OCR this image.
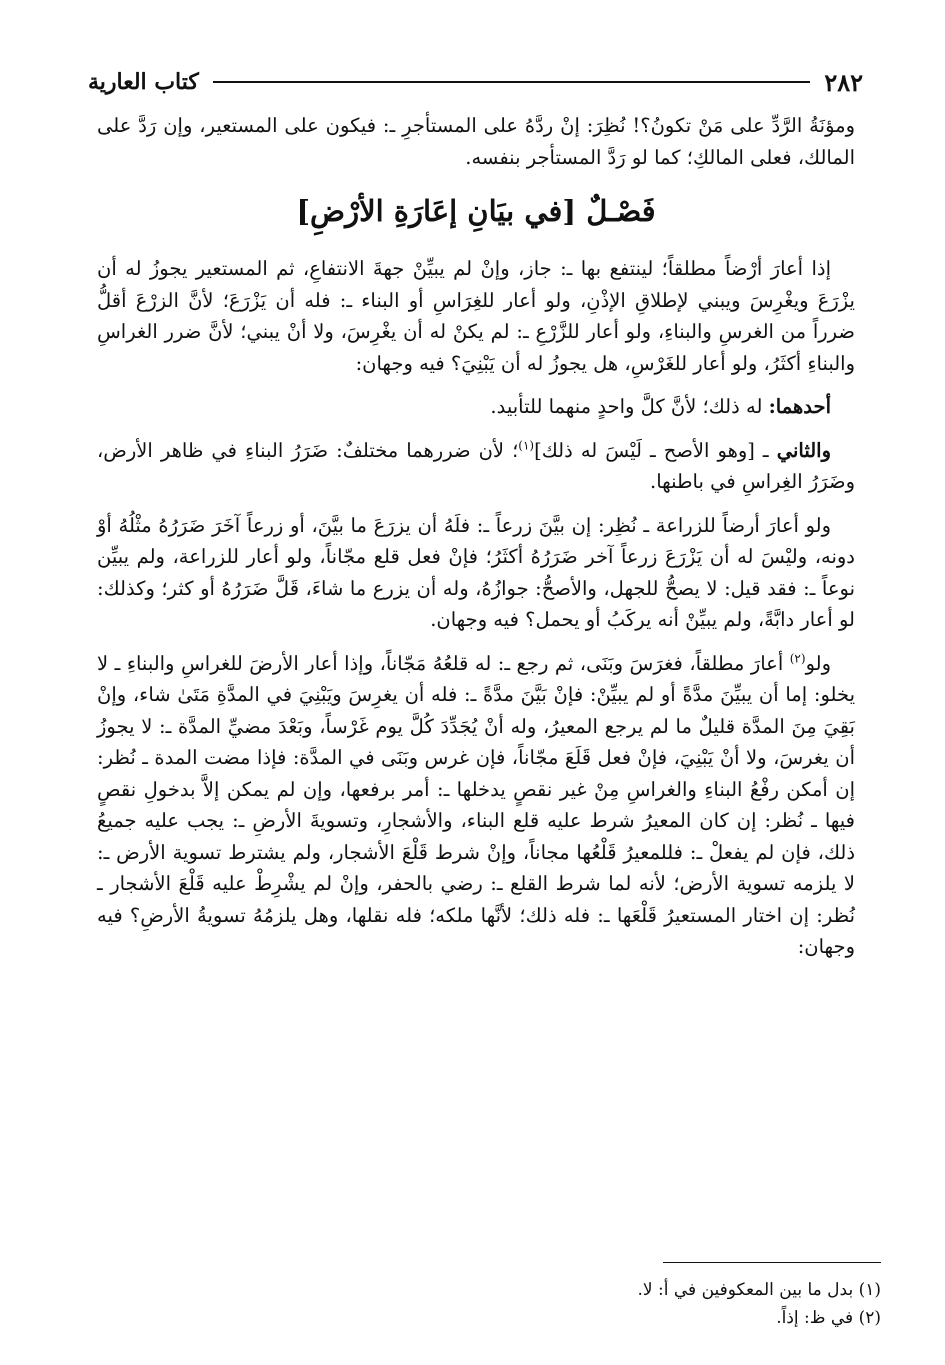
٢٨٢
كتاب العارية

ومؤنَةُ الرَّدِّ على مَنْ تكونُ؟! نُظِرَ: إنْ ردَّهُ على المستأجرِ ـ: فيكون على المستعير، وإن رَدَّ على المالك، فعلى المالكِ؛ كما لو رَدَّ المستأجر بنفسه.

فَصْـلٌ [في بيَانِ إعَارَةِ الأرْضِ]

إذا أعارَ أرْضاً مطلقاً؛ لينتفع بها ـ: جاز، وإنْ لم يبيِّنْ جهةَ الانتفاعِ، ثم المستعير يجوزُ له أن يزْرَعَ ويغْرِسَ ويبني لإطلاقِ الإذْنِ، ولو أعار للغِرَاسِ أو البناء ـ: فله أن يَزْرَعَ؛ لأنَّ الزرْعَ أقلُّ ضرراً من الغرسِ والبناءِ، ولو أعار للزَّرْعِ ـ: لم يكنْ له أن يغْرِسَ، ولا أنْ يبني؛ لأنَّ ضرر الغراسِ والبناءِ أكثَرُ، ولو أعار للغَرْسِ، هل يجوزُ له أن يَبْنِيَ؟ فيه وجهان:

أحدهما: له ذلك؛ لأنَّ كلَّ واحدٍ منهما للتأبيد.

والثاني ـ [وهو الأصح ـ لَيْسَ له ذلك]$^{(١)}$؛ لأن ضررهما مختلفٌ: ضَرَرُ البناءِ في ظاهر الأرض، وضَرَرُ الغِراسِ في باطنها.

ولو أعارَ أرضاً للزراعة ـ نُظِر: إن بيَّنَ زرعاً ـ: فلَهُ أن يزرَعَ ما بيَّنَ، أو زرعاً آخَرَ ضَرَرُهُ مثْلُهُ أوْ دونه، وليْسَ له أن يَزْرَعَ زرعاً آخر ضَرَرُهُ أكثَرُ؛ فإنْ فعل قلع مجّاناً، ولو أعار للزراعة، ولم يبيِّن نوعاً ـ: فقد قيل: لا يصحُّ للجهل، والأصحُّ: جوازُهُ، وله أن يزرع ما شاءَ، قَلَّ ضَرَرُهُ أو كثر؛ وكذلك: لو أعار دابَّةً، ولم يبيِّنْ أنه يركَبُ أو يحمل؟ فيه وجهان.

ولو$^{(٢)}$ أعارَ مطلقاً، فغرَسَ وبَنَى، ثم رجع ـ: له قلعُهُ مَجّاناً، وإذا أعار الأرضَ للغراسِ والبناءِ ـ لا يخلو: إما أن يبيِّنَ مدَّةً أو لم يبيِّنْ: فإنْ بَيَّنَ مدَّةً ـ: فله أن يغرِسَ ويَبْنِيَ في المدَّةِ مَتَىٰ شاء، وإنْ بَقِيَ مِنَ المدَّة قليلٌ ما لم يرجع المعيرُ، وله أنْ يُجَدِّدَ كُلَّ يوم غَرْساً، وبَعْدَ مضيِّ المدَّة ـ: لا يجوزُ أن يغرسَ، ولا أنْ يَبْنِيَ، فإنْ فعل قَلَعَ مجّاناً، فإن غرس وبَنَى في المدَّة: فإذا مضت المدة ـ نُظر: إن أمكن رفْعُ البناءِ والغراسِ مِنْ غير نقصٍ يدخلها ـ: أمر برفعها، وإن لم يمكن إلاَّ بدخولِ نقصٍ فيها ـ نُظر: إن كان المعيرُ شرط عليه قلع البناء، والأشجارِ، وتسويةَ الأرضِ ـ: يجب عليه جميعُ ذلك، فإن لم يفعلْ ـ: فللمعيرُ قَلْعُها مجاناً، وإنْ شرط قَلْعَ الأشجار، ولم يشترط تسوية الأرض ـ: لا يلزمه تسوية الأرض؛ لأنه لما شرط القلع ـ: رضي بالحفر، وإنْ لم يشْرِطْ عليه قَلْعَ الأشجار ـ نُظر: إن اختار المستعيرُ قَلْعَها ـ: فله ذلك؛ لأنَّها ملكه؛ فله نقلها، وهل يلزمُهُ تسويةُ الأرضِ؟ فيه وجهان:

(١) بدل ما بين المعكوفين في أ: لا.

(٢) في ظ: إذاً.
